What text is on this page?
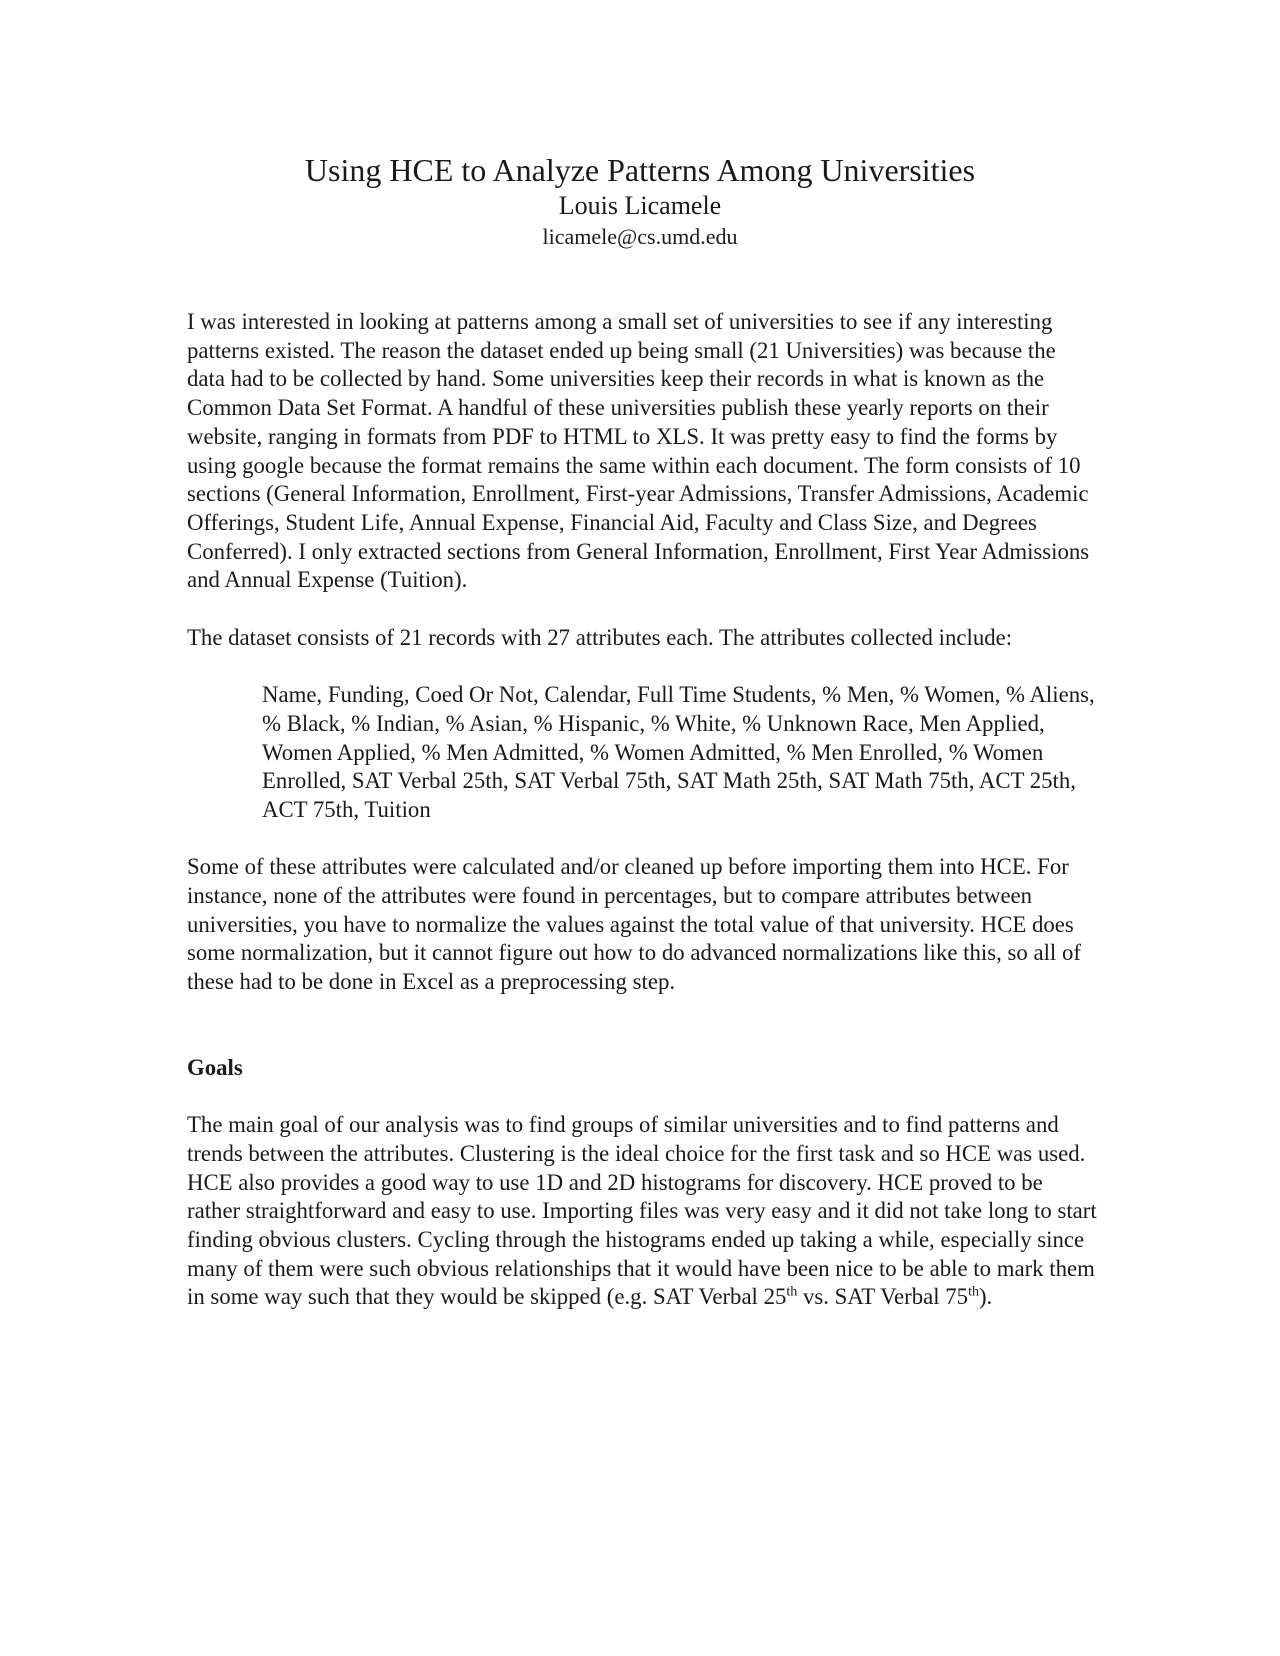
Using HCE to Analyze Patterns Among Universities

Louis Licamele

licamele@cs.umd.edu

I was interested in looking at patterns among a small set of universities to see if any interesting patterns existed. The reason the dataset ended up being small (21 Universities) was because the data had to be collected by hand. Some universities keep their records in what is known as the Common Data Set Format. A handful of these universities publish these yearly reports on their website, ranging in formats from PDF to HTML to XLS. It was pretty easy to find the forms by using google because the format remains the same within each document. The form consists of 10 sections (General Information, Enrollment, First-year Admissions, Transfer Admissions, Academic Offerings, Student Life, Annual Expense, Financial Aid, Faculty and Class Size, and Degrees Conferred). I only extracted sections from General Information, Enrollment, First Year Admissions and Annual Expense (Tuition).

The dataset consists of 21 records with 27 attributes each. The attributes collected include:

Name, Funding, Coed Or Not, Calendar, Full Time Students, % Men, % Women, % Aliens, % Black, % Indian, % Asian, % Hispanic, % White, % Unknown Race, Men Applied, Women Applied, % Men Admitted, % Women Admitted, % Men Enrolled, % Women Enrolled, SAT Verbal 25th, SAT Verbal 75th, SAT Math 25th, SAT Math 75th, ACT 25th, ACT 75th, Tuition

Some of these attributes were calculated and/or cleaned up before importing them into HCE. For instance, none of the attributes were found in percentages, but to compare attributes between universities, you have to normalize the values against the total value of that university. HCE does some normalization, but it cannot figure out how to do advanced normalizations like this, so all of these had to be done in Excel as a preprocessing step.

Goals

The main goal of our analysis was to find groups of similar universities and to find patterns and trends between the attributes. Clustering is the ideal choice for the first task and so HCE was used. HCE also provides a good way to use 1D and 2D histograms for discovery. HCE proved to be rather straightforward and easy to use. Importing files was very easy and it did not take long to start finding obvious clusters. Cycling through the histograms ended up taking a while, especially since many of them were such obvious relationships that it would have been nice to be able to mark them in some way such that they would be skipped (e.g. SAT Verbal 25th vs. SAT Verbal 75th).
